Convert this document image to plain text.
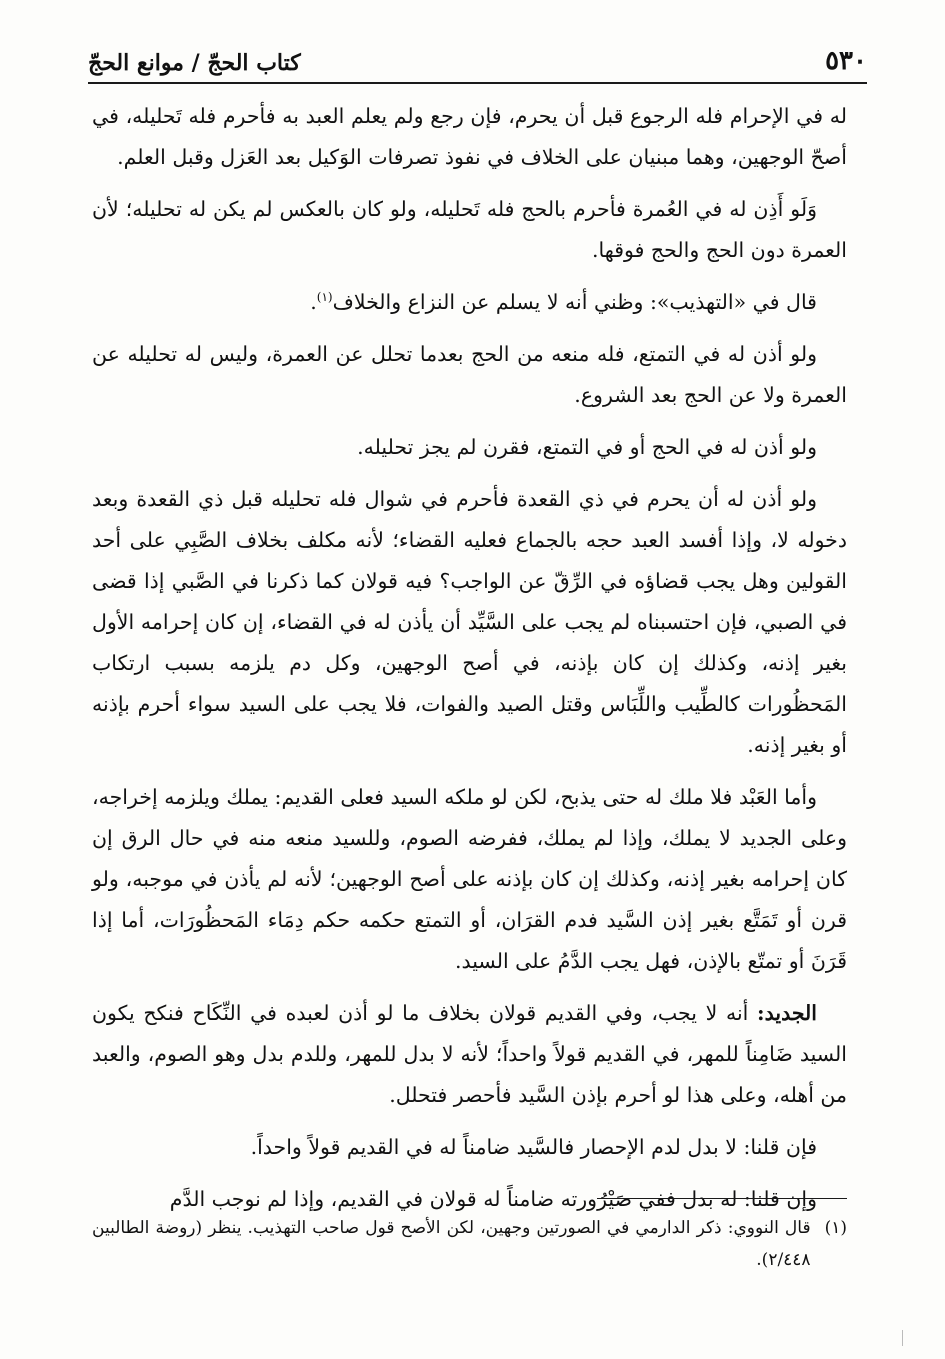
٥٣٠
كتاب الحجّ / موانع الحجّ

له في الإحرام فله الرجوع قبل أن يحرم، فإن رجع ولم يعلم العبد به فأحرم فله تَحليله، في أصحّ الوجهين، وهما مبنيان على الخلاف في نفوذ تصرفات الوَكيل بعد العَزل وقبل العلم.

وَلَو أَذِن له في العُمرة فأحرم بالحج فله تَحليله، ولو كان بالعكس لم يكن له تحليله؛ لأن العمرة دون الحج والحج فوقها.

قال في «التهذيب»: وظني أنه لا يسلم عن النزاع والخلاف$^{(١)}$.

ولو أذن له في التمتع، فله منعه من الحج بعدما تحلل عن العمرة، وليس له تحليله عن العمرة ولا عن الحج بعد الشروع.

ولو أذن له في الحج أو في التمتع، فقرن لم يجز تحليله.

ولو أذن له أن يحرم في ذي القعدة فأحرم في شوال فله تحليله قبل ذي القعدة وبعد دخوله لا، وإذا أفسد العبد حجه بالجماع فعليه القضاء؛ لأنه مكلف بخلاف الصَّبِي على أحد القولين وهل يجب قضاؤه في الرِّقّ عن الواجب؟ فيه قولان كما ذكرنا في الصَّبي إذا قضى في الصبي، فإن احتسبناه لم يجب على السَّيِّد أن يأذن له في القضاء، إن كان إحرامه الأول بغير إذنه، وكذلك إن كان بإذنه، في أصح الوجهين، وكل دم يلزمه بسبب ارتكاب المَحظُورات كالطِّيب واللِّبَاس وقتل الصيد والفوات، فلا يجب على السيد سواء أحرم بإذنه أو بغير إذنه.

وأما العَبْد فلا ملك له حتى يذبح، لكن لو ملكه السيد فعلى القديم: يملك ويلزمه إخراجه، وعلى الجديد لا يملك، وإذا لم يملك، ففرضه الصوم، وللسيد منعه منه في حال الرق إن كان إحرامه بغير إذنه، وكذلك إن كان بإذنه على أصح الوجهين؛ لأنه لم يأذن في موجبه، ولو قرن أو تَمَتَّع بغير إذن السَّيد فدم القرَان، أو التمتع حكمه حكم دِمَاء المَحظُورَات، أما إذا قَرَنَ أو تمتّع بالإذن، فهل يجب الدَّمُ على السيد.

الجديد: أنه لا يجب، وفي القديم قولان بخلاف ما لو أذن لعبده في النِّكَاح فنكح يكون السيد ضَامِناً للمهر، في القديم قولاً واحداً؛ لأنه لا بدل للمهر، وللدم بدل وهو الصوم، والعبد من أهله، وعلى هذا لو أحرم بإذن السَّيد فأحصر فتحلل.

فإن قلنا: لا بدل لدم الإحصار فالسَّيد ضامناً له في القديم قولاً واحداً.

وإن قلنا: له بدل ففي صَيْرُورته ضامناً له قولان في القديم، وإذا لم نوجب الدَّم

(١)
قال النووي: ذكر الدارمي في الصورتين وجهين، لكن الأصح قول صاحب التهذيب. ينظر (روضة الطالبين ٢/٤٤٨).
